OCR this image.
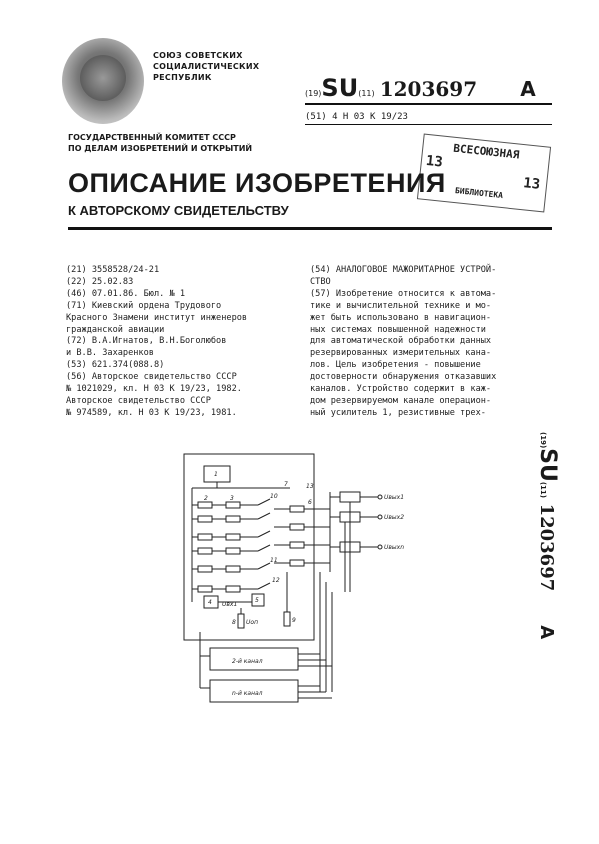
СОЮЗ СОВЕТСКИХ
СОЦИАЛИСТИЧЕСКИХ
РЕСПУБЛИК
(19)SU(11) 1203697 A
(51) 4 H 03 K 19/23
ГОСУДАРСТВЕННЫЙ КОМИТЕТ СССР
ПО ДЕЛАМ ИЗОБРЕТЕНИЙ И ОТКРЫТИЙ	ВСЕСОЮЗНАЯ
13
13
БИБЛИОТЕКА
ОПИСАНИЕ ИЗОБРЕТЕНИЯ
К АВТОРСКОМУ СВИДЕТЕЛЬСТВУ
(21) 3558528/24-21
(22) 25.02.83
(46) 07.01.86. Бюл. № 1
(71) Киевский ордена Трудового
Красного Знамени институт инженеров
гражданской авиации
(72) В.А.Игнатов, В.Н.Боголюбов
и В.В. Захаренков
(53) 621.374(088.8)
(56) Авторское свидетельство СССР
№ 1021029, кл. Н 03 К 19/23, 1982.
Авторское свидетельство СССР
№ 974589, кл. Н 03 К 19/23, 1981.
(54) АНАЛОГОВОЕ МАЖОРИТАРНОЕ УСТРОЙ-
СТВО
(57) Изобретение относится к автома-
тике и вычислительной технике и мо-
жет быть использовано в навигацион-
ных системах повышенной надежности
для автоматической обработки данных
резервированных измерительных кана-
лов. Цель изобретения - повышение
достоверности обнаружения отказавших
каналов. Устройство содержит в каж-
дом резервируемом канале операцион-
ный усилитель 1, резистивные трех-
(19)SU(11) 1203697A
2-й канал
n-й канал
Uвых1
Uвых2
Uвыхn
Uвх1
Uоп
1
2	3
4	5
6
7
8	9
10
11
12
13
